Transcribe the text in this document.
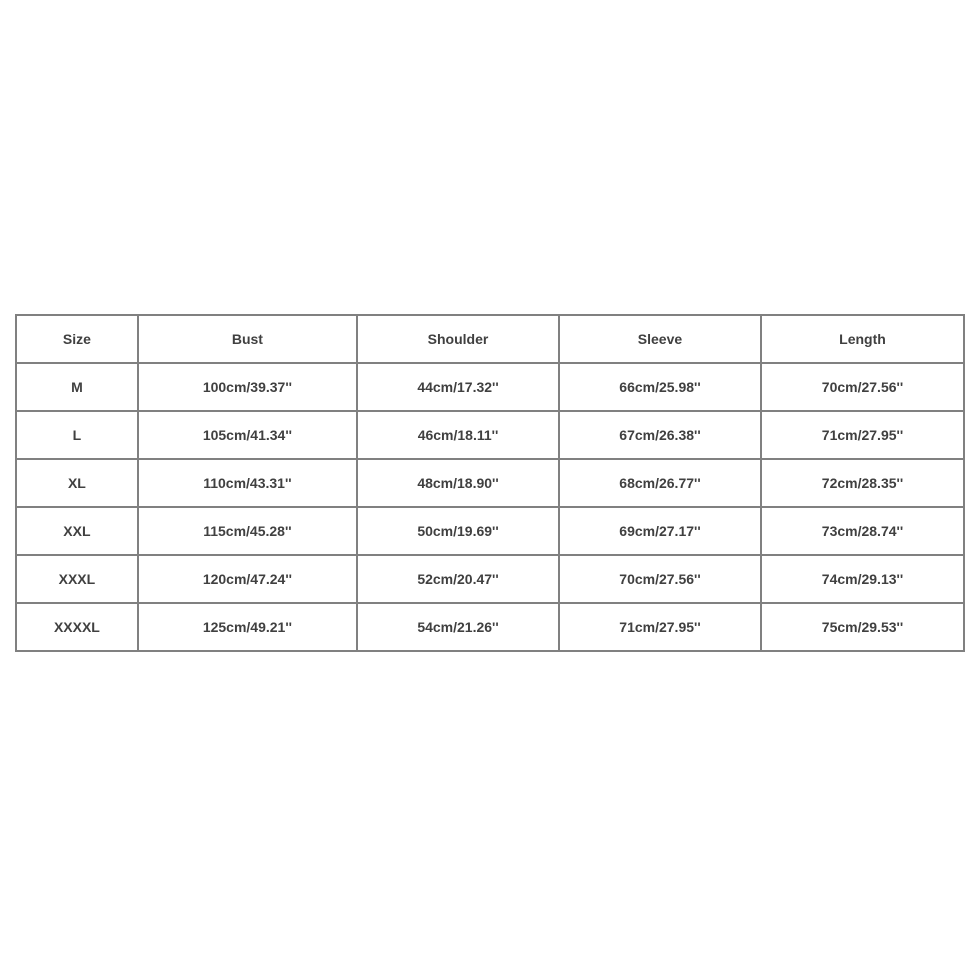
Size	Bust	Shoulder	Sleeve	Length
M	100cm/39.37''	44cm/17.32''	66cm/25.98''	70cm/27.56''
L	105cm/41.34''	46cm/18.11''	67cm/26.38''	71cm/27.95''
XL	110cm/43.31''	48cm/18.90''	68cm/26.77''	72cm/28.35''
XXL	115cm/45.28''	50cm/19.69''	69cm/27.17''	73cm/28.74''
XXXL	120cm/47.24''	52cm/20.47''	70cm/27.56''	74cm/29.13''
XXXXL	125cm/49.21''	54cm/21.26''	71cm/27.95''	75cm/29.53''
